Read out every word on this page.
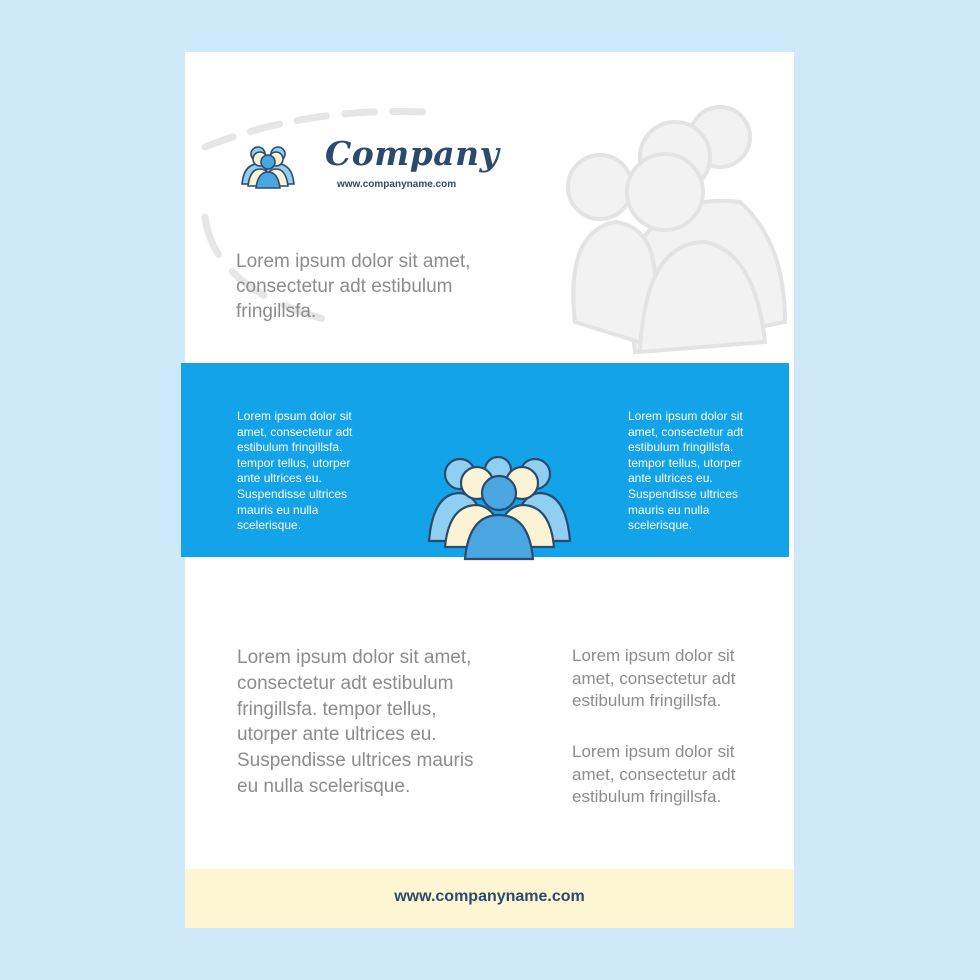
Company
www.companyname.com
Lorem ipsum dolor sit amet, consectetur adt estibulum fringillsfa.
Lorem ipsum dolor sit amet, consectetur adt estibulum fringillsfa. tempor tellus, utorper ante ultrices eu. Suspendisse ultrices mauris eu nulla scelerisque.
Lorem ipsum dolor sit amet, consectetur adt estibulum fringillsfa. tempor tellus, utorper ante ultrices eu. Suspendisse ultrices mauris eu nulla scelerisque.
Lorem ipsum dolor sit amet, consectetur adt estibulum fringillsfa. tempor tellus, utorper ante ultrices eu. Suspendisse ultrices mauris eu nulla scelerisque.
Lorem ipsum dolor sit amet, consectetur adt estibulum fringillsfa.
Lorem ipsum dolor sit amet, consectetur adt estibulum fringillsfa.
www.companyname.com
